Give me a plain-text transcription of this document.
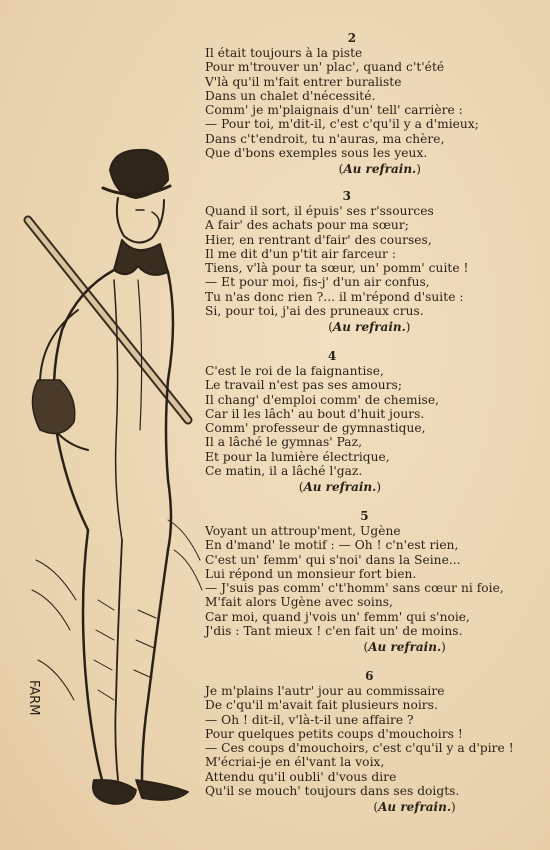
FARM
2
Il était toujours à la piste
Pour m'trouver un' plac', quand c't'été
V'là qu'il m'fait entrer buraliste
Dans un chalet d'nécessité.
Comm' je m'plaignais d'un' tell' carrière :
— Pour toi, m'dit-il, c'est c'qu'il y a d'mieux;
Dans c't'endroit, tu n'auras, ma chère,
Que d'bons exemples sous les yeux.
(Au refrain.)
3
Quand il sort, il épuis' ses r'ssources
A fair' des achats pour ma sœur;
Hier, en rentrant d'fair' des courses,
Il me dit d'un p'tit air farceur :
Tiens, v'là pour ta sœur, un' pomm' cuite !
— Et pour moi, fis-j' d'un air confus,
Tu n'as donc rien ?... il m'répond d'suite :
Si, pour toi, j'ai des pruneaux crus.
(Au refrain.)
4
C'est le roi de la faignantise,
Le travail n'est pas ses amours;
Il chang' d'emploi comm' de chemise,
Car il les lâch' au bout d'huit jours.
Comm' professeur de gymnastique,
Il a lâché le gymnas' Paz,
Et pour la lumière électrique,
Ce matin, il a lâché l'gaz.
(Au refrain.)
5
Voyant un attroup'ment, Ugène
En d'mand' le motif : — Oh ! c'n'est rien,
C'est un' femm' qui s'noi' dans la Seine...
Lui répond un monsieur fort bien.
— J'suis pas comm' c't'homm' sans cœur ni foie,
M'fait alors Ugène avec soins,
Car moi, quand j'vois un' femm' qui s'noie,
J'dis : Tant mieux ! c'en fait un' de moins.
(Au refrain.)
6
Je m'plains l'autr' jour au commissaire
De c'qu'il m'avait fait plusieurs noirs.
— Oh ! dit-il, v'là-t-il une affaire ?
Pour quelques petits coups d'mouchoirs !
— Ces coups d'mouchoirs, c'est c'qu'il y a d'pire !
M'écriai-je en él'vant la voix,
Attendu qu'il oubli' d'vous dire
Qu'il se mouch' toujours dans ses doigts.
(Au refrain.)
